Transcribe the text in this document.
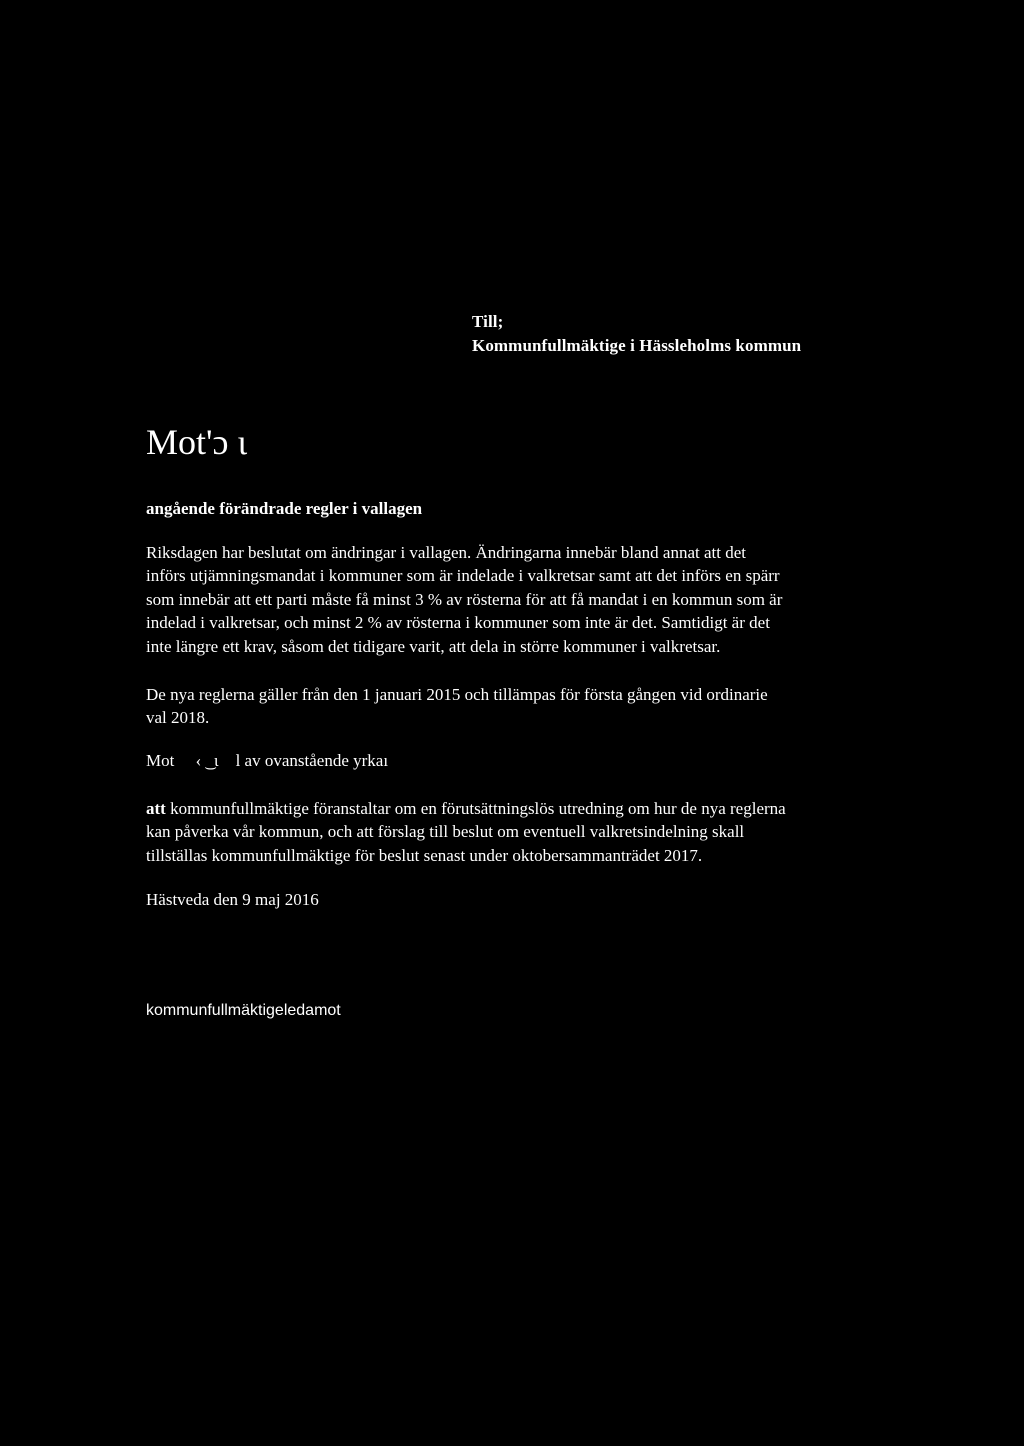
Till;
Kommunfullmäktige i Hässleholms kommun
Mot'ɔ ι
angående förändrade regler i vallagen
Riksdagen har beslutat om ändringar i vallagen. Ändringarna innebär bland annat att det
införs utjämningsmandat i kommuner som är indelade i valkretsar samt att det införs en spärr
som innebär att ett parti måste få minst 3 % av rösterna för att få mandat i en kommun som är
indelad i valkretsar, och minst 2 % av rösterna i kommuner som inte är det. Samtidigt är det
inte längre ett krav, såsom det tidigare varit, att dela in större kommuner i valkretsar.
De nya reglerna gäller från den 1 januari 2015 och tillämpas för första gången vid ordinarie
val 2018.
Mot     ‹ ͜  ι    l av ovanstående yrkaı
att kommunfullmäktige föranstaltar om en förutsättningslös utredning om hur de nya reglerna
kan påverka vår kommun, och att förslag till beslut om eventuell valkretsindelning skall
tillställas kommunfullmäktige för beslut senast under oktobersammanträdet 2017.
Hästveda den 9 maj 2016
kommunfullmäktigeledamot
